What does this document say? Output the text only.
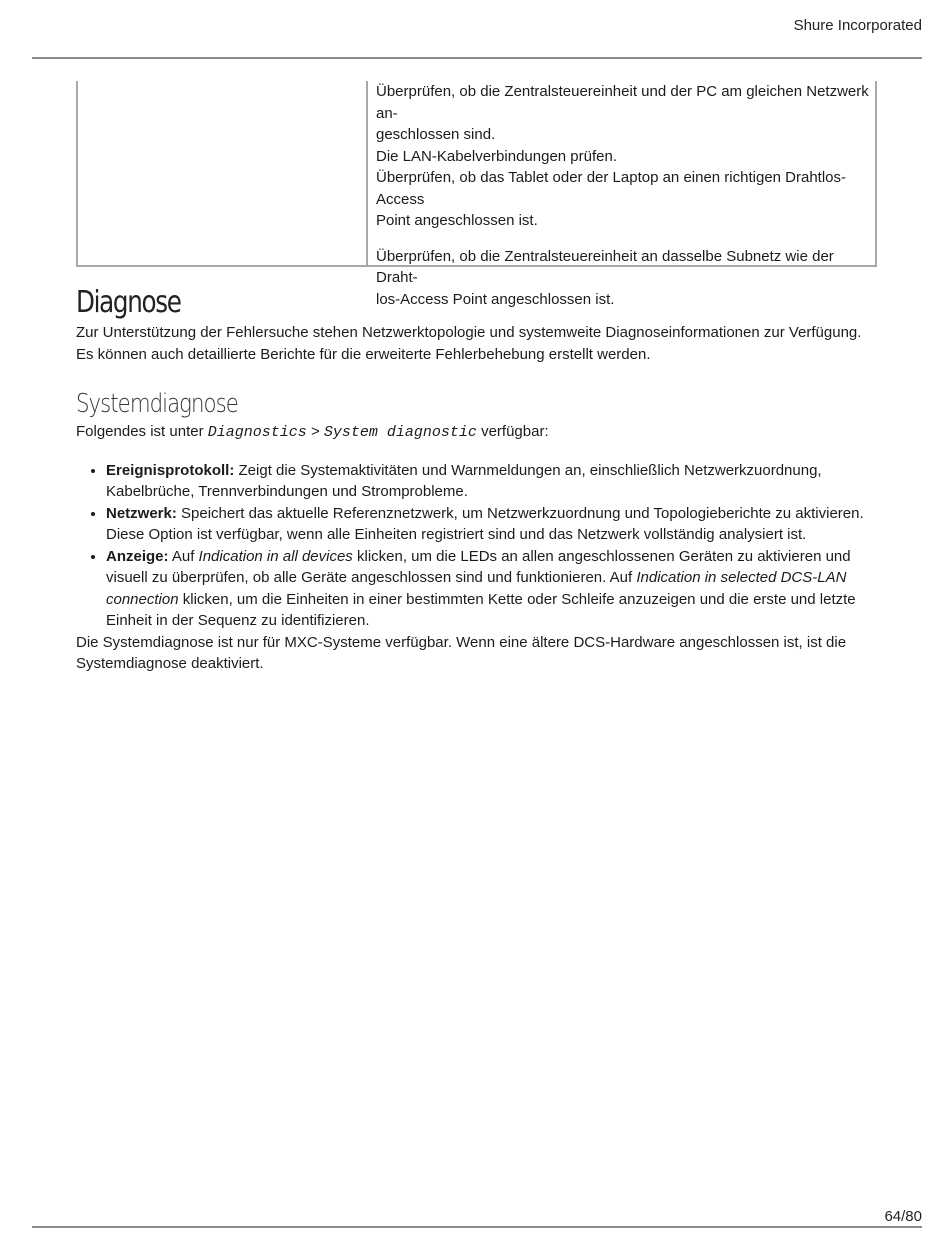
Shure Incorporated

Überprüfen, ob die Zentralsteuereinheit und der PC am gleichen Netzwerk an-

geschlossen sind.

Die LAN-Kabelverbindungen prüfen.

Überprüfen, ob das Tablet oder der Laptop an einen richtigen Drahtlos-Access

Point angeschlossen ist.

Überprüfen, ob die Zentralsteuereinheit an dasselbe Subnetz wie der Draht-

los-Access Point angeschlossen ist.

Diagnose

Zur Unterstützung der Fehlersuche stehen Netzwerktopologie und systemweite Diagnoseinformationen zur Verfügung. Es können auch detaillierte Berichte für die erweiterte Fehlerbehebung erstellt werden.

Systemdiagnose

Folgendes ist unter Diagnostics > System diagnostic verfügbar:

• Ereignisprotokoll: Zeigt die Systemaktivitäten und Warnmeldungen an, einschließlich Netzwerkzuordnung, Kabelbrüche, Trennverbindungen und Stromprobleme.
• Netzwerk: Speichert das aktuelle Referenznetzwerk, um Netzwerkzuordnung und Topologieberichte zu aktivieren. Diese Option ist verfügbar, wenn alle Einheiten registriert sind und das Netzwerk vollständig analysiert ist.
• Anzeige: Auf Indication in all devices klicken, um die LEDs an allen angeschlossenen Geräten zu aktivieren und visuell zu überprüfen, ob alle Geräte angeschlossen sind und funktionieren. Auf Indication in selected DCS-LAN connection klicken, um die Einheiten in einer bestimmten Kette oder Schleife anzuzeigen und die erste und letzte Einheit in der Sequenz zu identifizieren.

Die Systemdiagnose ist nur für MXC-Systeme verfügbar. Wenn eine ältere DCS-Hardware angeschlossen ist, ist die Systemdiagnose deaktiviert.

64/80
